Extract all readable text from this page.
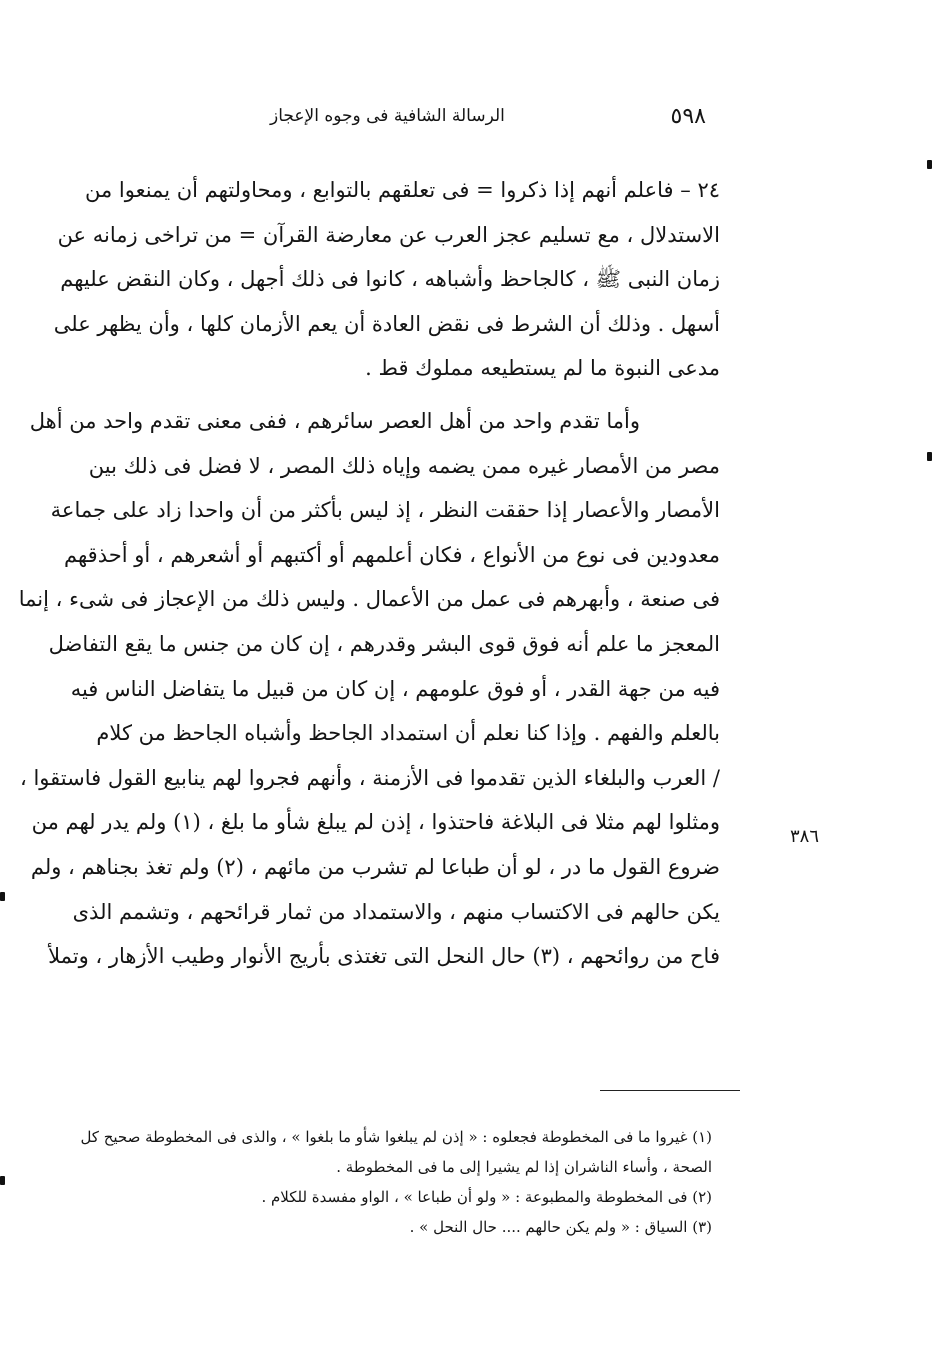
٥٩٨
الرسالة الشافية فى وجوه الإعجاز
٢٤ – فاعلم أنهم إذا ذكروا = فى تعلقهم بالتوابع ، ومحاولتهم أن يمنعوا من
الاستدلال ، مع تسليم عجز العرب عن معارضة القرآن = من تراخى زمانه عن
زمان النبى ﷺ ، كالجاحظ وأشباهه ، كانوا فى ذلك أجهل ، وكان النقض عليهم
أسهل . وذلك أن الشرط فى نقض العادة أن يعم الأزمان كلها ، وأن يظهر على
مدعى النبوة ما لم يستطيعه مملوك قط .
وأما تقدم واحد من أهل العصر سائرهم ، ففى معنى تقدم واحد من أهل
مصر من الأمصار غيره ممن يضمه وإياه ذلك المصر ، لا فضل فى ذلك بين
الأمصار والأعصار إذا حققت النظر ، إذ ليس بأكثر من أن واحدا زاد على جماعة
معدودين فى نوع من الأنواع ، فكان أعلمهم أو أكتبهم أو أشعرهم ، أو أحذقهم
فى صنعة ، وأبهرهم فى عمل من الأعمال . وليس ذلك من الإعجاز فى شىء ، إنما
المعجز ما علم أنه فوق قوى البشر وقدرهم ، إن كان من جنس ما يقع التفاضل
فيه من جهة القدر ، أو فوق علومهم ، إن كان من قبيل ما يتفاضل الناس فيه
بالعلم والفهم . وإذا كنا نعلم أن استمداد الجاحظ وأشباه الجاحظ من كلام
/ العرب والبلغاء الذين تقدموا فى الأزمنة ، وأنهم فجروا لهم ينابيع القول فاستقوا ،
ومثلوا لهم مثلا فى البلاغة فاحتذوا ، إذن لم يبلغ شأو ما بلغ ، (١) ولم يدر لهم من
ضروع القول ما در ، لو أن طباعا لم تشرب من مائهم ، (٢) ولم تغذ بجناهم ، ولم
يكن حالهم فى الاكتساب منهم ، والاستمداد من ثمار قرائحهم ، وتشمم الذى
فاح من روائحهم ، (٣) حال النحل التى تغتذى بأريج الأنوار وطيب الأزهار ، وتملأ
٣٨٦
(١) غيروا ما فى المخطوطة فجعلوه : « إذن لم يبلغوا شأو ما بلغوا » ، والذى فى المخطوطة صحيح كل
الصحة ، وأساء الناشران إذا لم يشيرا إلى ما فى المخطوطة .
(٢) فى المخطوطة والمطبوعة : « ولو أن طباعا » ، الواو مفسدة للكلام .
(٣) السياق : « ولم يكن حالهم .... حال النحل » .
